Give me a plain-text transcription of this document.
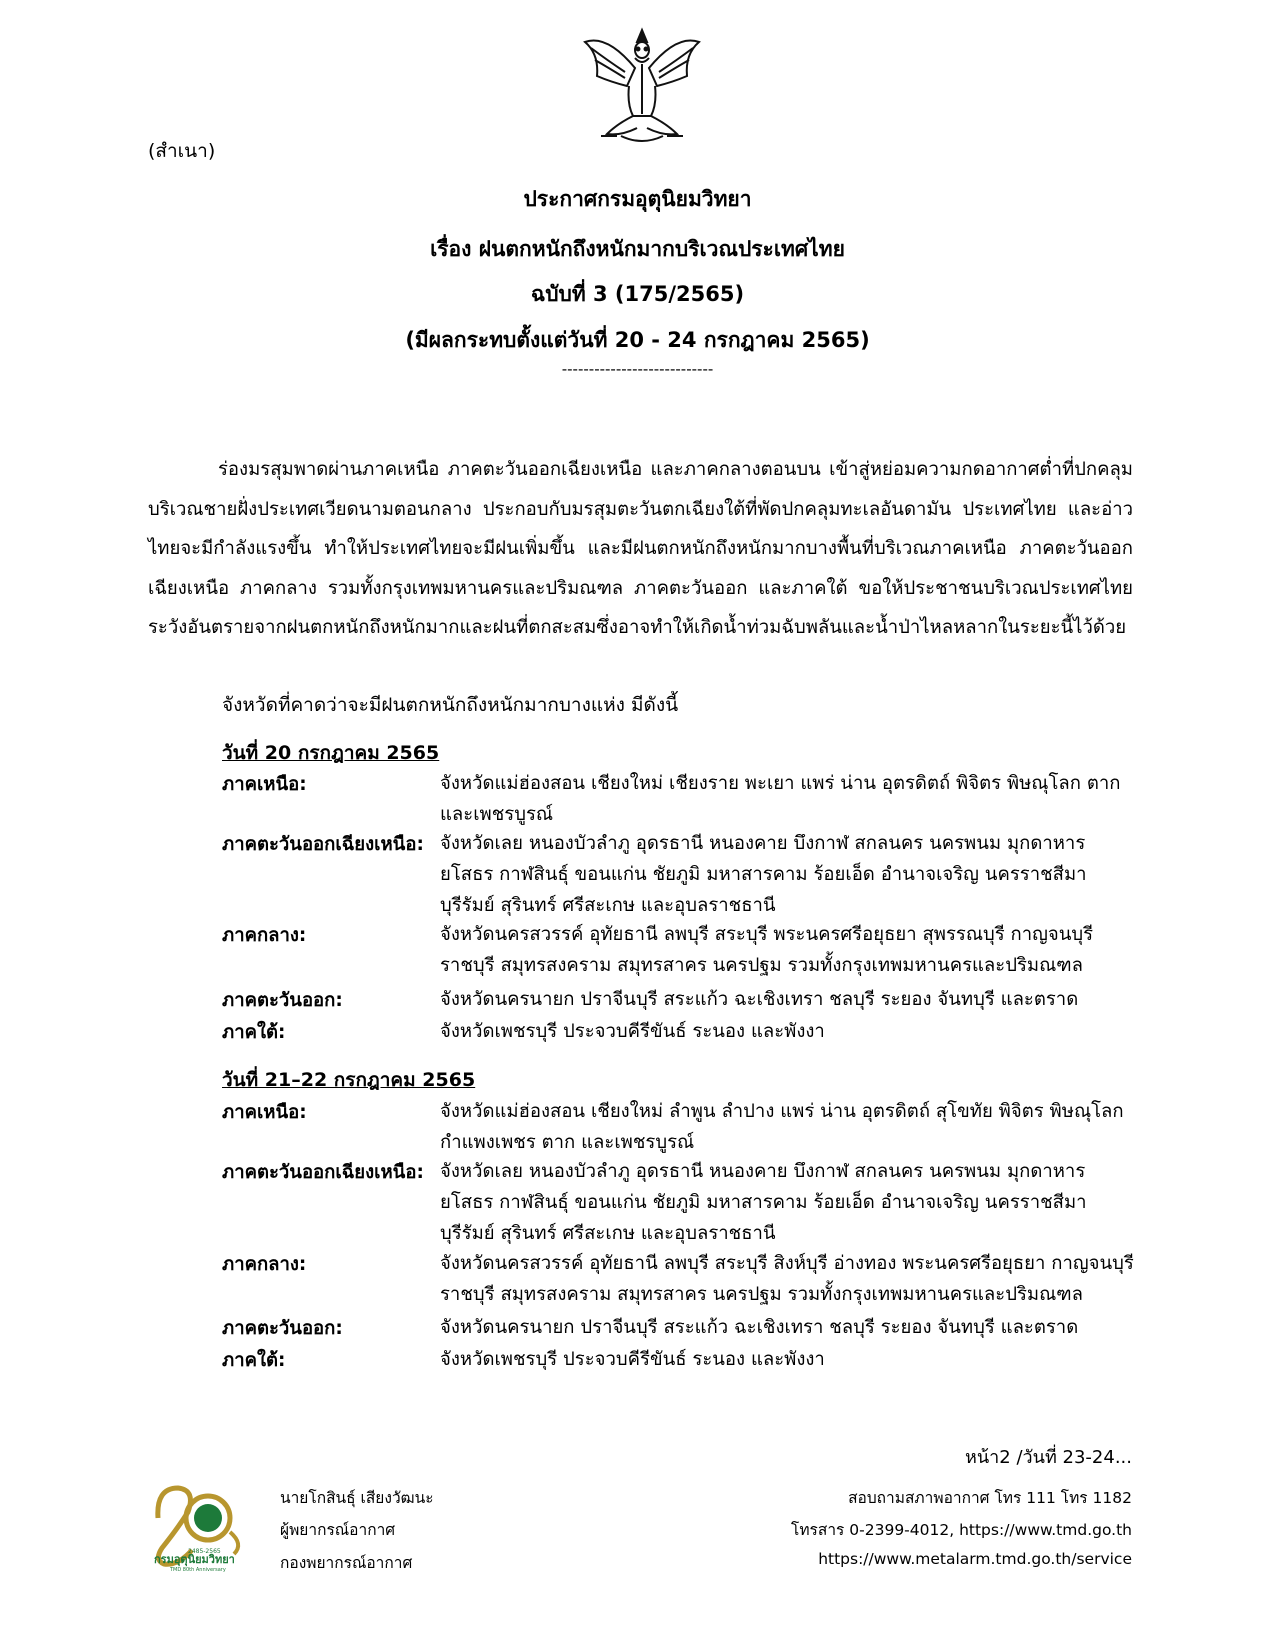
(สำเนา)
ประกาศกรมอุตุนิยมวิทยา
เรื่อง ฝนตกหนักถึงหนักมากบริเวณประเทศไทย
ฉบับที่ 3 (175/2565)
(มีผลกระทบตั้งแต่วันที่ 20 - 24 กรกฎาคม 2565)
----------------------------
ร่องมรสุมพาดผ่านภาคเหนือ ภาคตะวันออกเฉียงเหนือ และภาคกลางตอนบน เข้าสู่หย่อมความกดอากาศต่ำที่ปกคลุมบริเวณชายฝั่งประเทศเวียดนามตอนกลาง ประกอบกับมรสุมตะวันตกเฉียงใต้ที่พัดปกคลุมทะเลอันดามัน ประเทศไทย และอ่าวไทยจะมีกำลังแรงขึ้น ทำให้ประเทศไทยจะมีฝนเพิ่มขึ้น และมีฝนตกหนักถึงหนักมากบางพื้นที่บริเวณภาคเหนือ ภาคตะวันออกเฉียงเหนือ ภาคกลาง รวมทั้งกรุงเทพมหานครและปริมณฑล ภาคตะวันออก และภาคใต้ ขอให้ประชาชนบริเวณประเทศไทยระวังอันตรายจากฝนตกหนักถึงหนักมากและฝนที่ตกสะสมซึ่งอาจทำให้เกิดน้ำท่วมฉับพลันและน้ำป่าไหลหลากในระยะนี้ไว้ด้วย
จังหวัดที่คาดว่าจะมีฝนตกหนักถึงหนักมากบางแห่ง มีดังนี้
วันที่ 20 กรกฎาคม 2565
ภาคเหนือ:	จังหวัดแม่ฮ่องสอน เชียงใหม่ เชียงราย พะเยา แพร่ น่าน อุตรดิตถ์ พิจิตร พิษณุโลก ตาก และเพชรบูรณ์
ภาคตะวันออกเฉียงเหนือ: จังหวัดเลย หนองบัวลำภู อุดรธานี หนองคาย บึงกาฬ สกลนคร นครพนม มุกดาหาร ยโสธร กาฬสินธุ์ ขอนแก่น ชัยภูมิ มหาสารคาม ร้อยเอ็ด อำนาจเจริญ นครราชสีมา บุรีรัมย์ สุรินทร์ ศรีสะเกษ และอุบลราชธานี
ภาคกลาง:	จังหวัดนครสวรรค์ อุทัยธานี ลพบุรี สระบุรี พระนครศรีอยุธยา สุพรรณบุรี กาญจนบุรี ราชบุรี สมุทรสงคราม สมุทรสาคร นครปฐม รวมทั้งกรุงเทพมหานครและปริมณฑล
ภาคตะวันออก:	จังหวัดนครนายก ปราจีนบุรี สระแก้ว ฉะเชิงเทรา ชลบุรี ระยอง จันทบุรี และตราด
ภาคใต้:	จังหวัดเพชรบุรี ประจวบคีรีขันธ์ ระนอง และพังงา
วันที่ 21–22 กรกฎาคม 2565
ภาคเหนือ:	จังหวัดแม่ฮ่องสอน เชียงใหม่ ลำพูน ลำปาง แพร่ น่าน อุตรดิตถ์ สุโขทัย พิจิตร พิษณุโลก กำแพงเพชร ตาก และเพชรบูรณ์
ภาคตะวันออกเฉียงเหนือ: จังหวัดเลย หนองบัวลำภู อุดรธานี หนองคาย บึงกาฬ สกลนคร นครพนม มุกดาหาร ยโสธร กาฬสินธุ์ ขอนแก่น ชัยภูมิ มหาสารคาม ร้อยเอ็ด อำนาจเจริญ นครราชสีมา บุรีรัมย์ สุรินทร์ ศรีสะเกษ และอุบลราชธานี
ภาคกลาง:	จังหวัดนครสวรรค์ อุทัยธานี ลพบุรี สระบุรี สิงห์บุรี อ่างทอง พระนครศรีอยุธยา กาญจนบุรี ราชบุรี สมุทรสงคราม สมุทรสาคร นครปฐม รวมทั้งกรุงเทพมหานครและปริมณฑล
ภาคตะวันออก:	จังหวัดนครนายก ปราจีนบุรี สระแก้ว ฉะเชิงเทรา ชลบุรี ระยอง จันทบุรี และตราด
ภาคใต้:	จังหวัดเพชรบุรี ประจวบคีรีขันธ์ ระนอง และพังงา
หน้า2 /วันที่ 23-24...
2485-2565
กรมอุตุนิยมวิทยา
TMD 80th Anniversary
นายโกสินธุ์ เสียงวัฒนะ
ผู้พยากรณ์อากาศ
กองพยากรณ์อากาศ
สอบถามสภาพอากาศ โทร 111 โทร 1182
โทรสาร 0-2399-4012, https://www.tmd.go.th
https://www.metalarm.tmd.go.th/service
